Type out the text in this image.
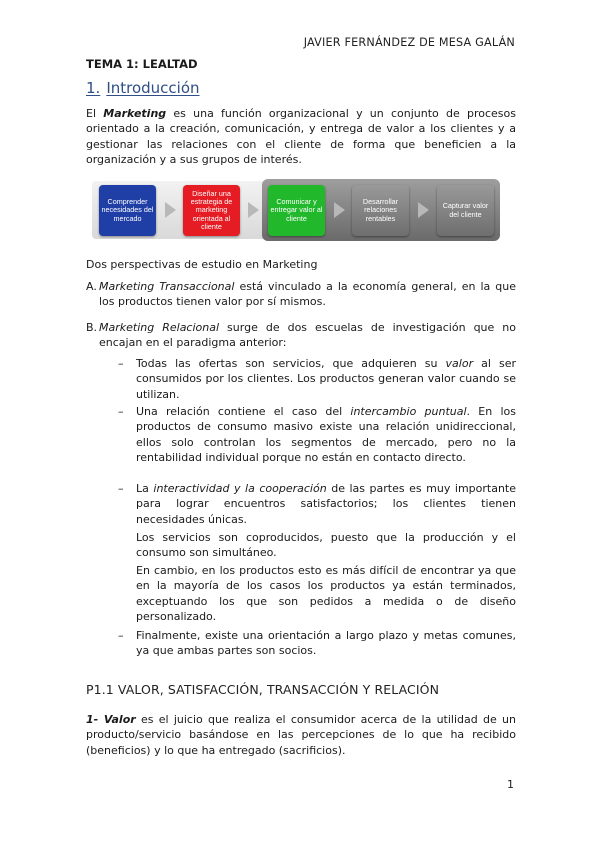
JAVIER FERNÁNDEZ DE MESA GALÁN
TEMA 1: LEALTAD
1. Introducción
El Marketing es una función organizacional y un conjunto de procesos orientado a la creación, comunicación, y entrega de valor a los clientes y a gestionar las relaciones con el cliente de forma que beneficien a la organización y a sus grupos de interés.
Comprender necesidades del mercado
Diseñar una estrategia de marketing orientada al cliente
Comunicar y entregar valor al cliente
Desarrollar relaciones rentables
Capturar valor del cliente
Dos perspectivas de estudio en Marketing
A. Marketing Transaccional está vinculado a la economía general, en la que los productos tienen valor por sí mismos.
B. Marketing Relacional surge de dos escuelas de investigación que no encajan en el paradigma anterior:
– Todas las ofertas son servicios, que adquieren su valor al ser consumidos por los clientes. Los productos generan valor cuando se utilizan.
– Una relación contiene el caso del intercambio puntual. En los productos de consumo masivo existe una relación unidireccional, ellos solo controlan los segmentos de mercado, pero no la rentabilidad individual porque no están en contacto directo.
– La interactividad y la cooperación de las partes es muy importante para lograr encuentros satisfactorios; los clientes tienen necesidades únicas.
Los servicios son coproducidos, puesto que la producción y el consumo son simultáneo.
En cambio, en los productos esto es más difícil de encontrar ya que en la mayoría de los casos los productos ya están terminados, exceptuando los que son pedidos a medida o de diseño personalizado.
– Finalmente, existe una orientación a largo plazo y metas comunes, ya que ambas partes son socios.
P1.1 VALOR, SATISFACCIÓN, TRANSACCIÓN Y RELACIÓN
1- Valor es el juicio que realiza el consumidor acerca de la utilidad de un producto/servicio basándose en las percepciones de lo que ha recibido (beneficios) y lo que ha entregado (sacrificios).
1
